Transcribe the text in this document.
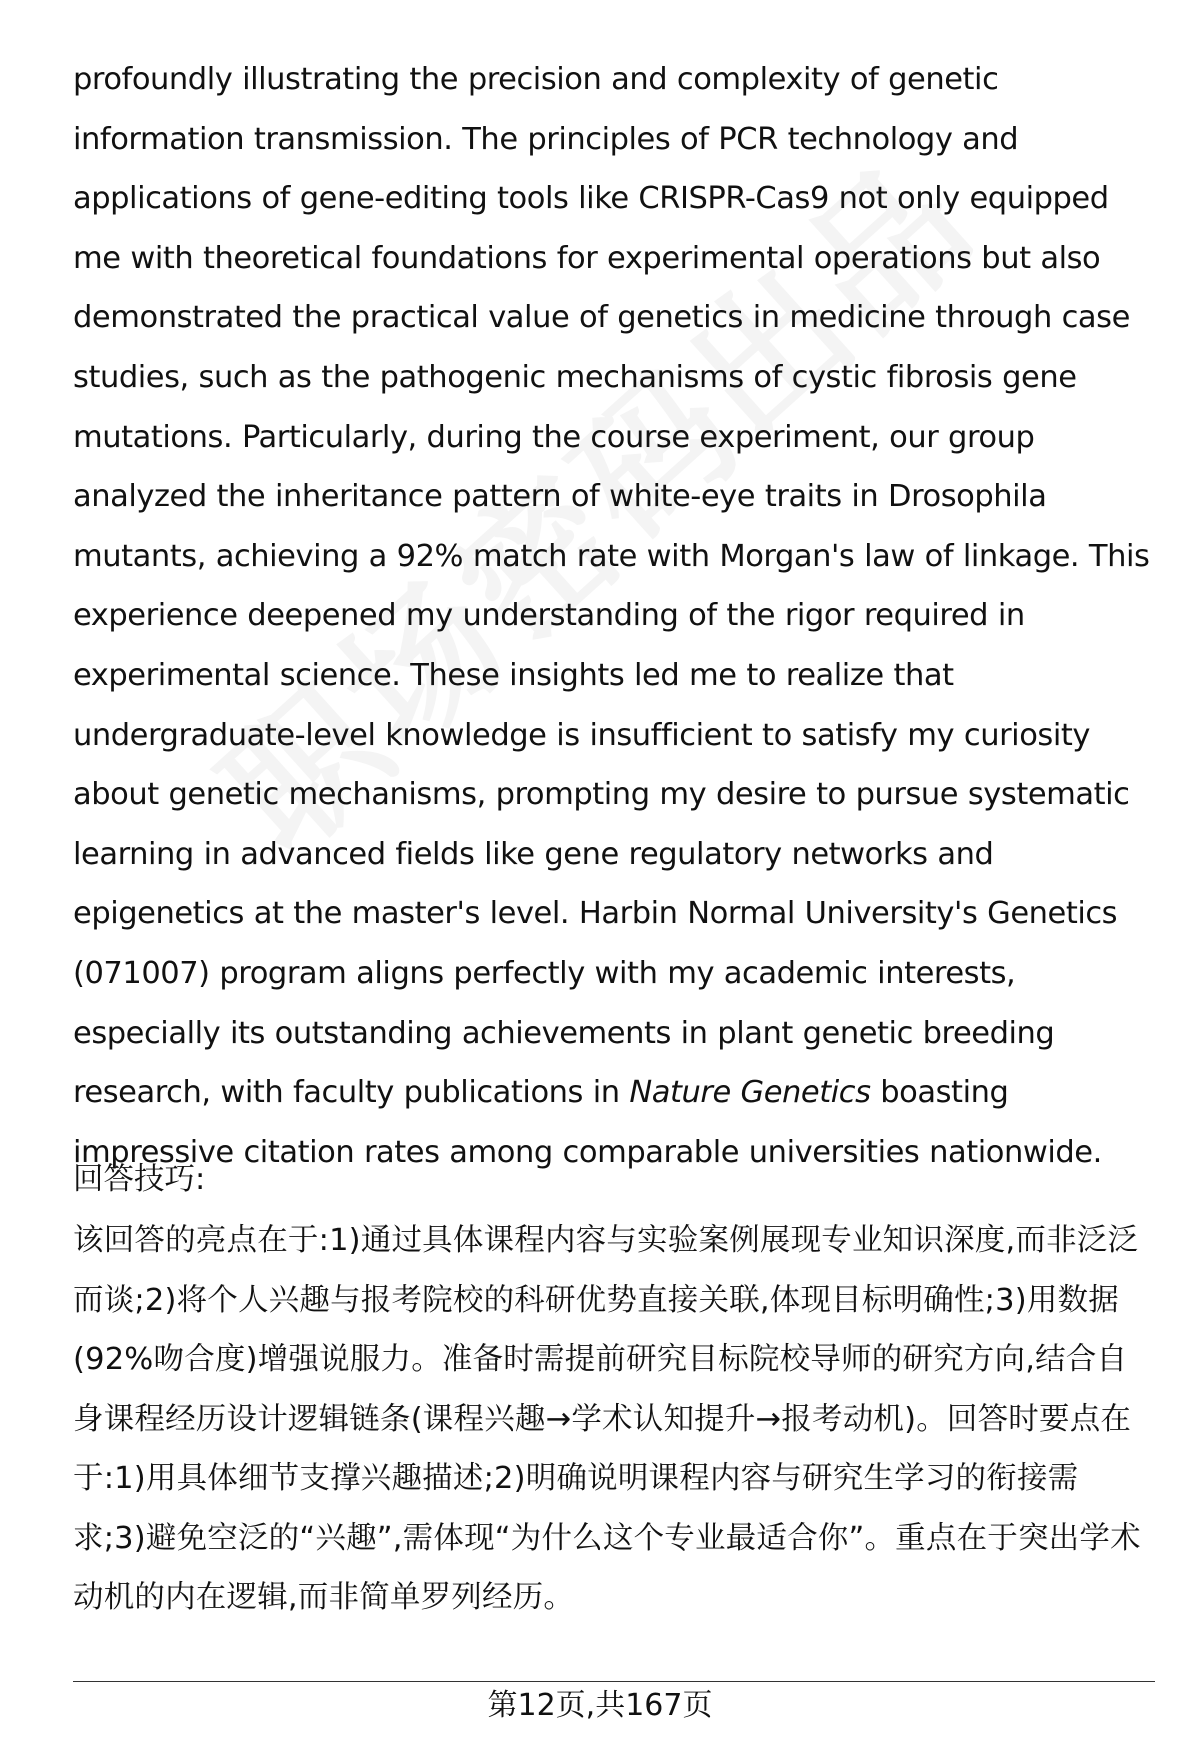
profoundly illustrating the precision and complexity of genetic information transmission. The principles of PCR technology and applications of gene-editing tools like CRISPR-Cas9 not only equipped me with theoretical foundations for experimental operations but also demonstrated the practical value of genetics in medicine through case studies, such as the pathogenic mechanisms of cystic fibrosis gene mutations. Particularly, during the course experiment, our group analyzed the inheritance pattern of white-eye traits in Drosophila mutants, achieving a 92% match rate with Morgan's law of linkage. This experience deepened my understanding of the rigor required in experimental science. These insights led me to realize that undergraduate-level knowledge is insufficient to satisfy my curiosity about genetic mechanisms, prompting my desire to pursue systematic learning in advanced fields like gene regulatory networks and epigenetics at the master's level. Harbin Normal University's Genetics (071007) program aligns perfectly with my academic interests, especially its outstanding achievements in plant genetic breeding research, with faculty publications in Nature Genetics boasting impressive citation rates among comparable universities nationwide.

回答技巧:

该回答的亮点在于:1)通过具体课程内容与实验案例展现专业知识深度,而非泛泛而谈;2)将个人兴趣与报考院校的科研优势直接关联,体现目标明确性;3)用数据(92%吻合度)增强说服力。准备时需提前研究目标院校导师的研究方向,结合自身课程经历设计逻辑链条(课程兴趣→学术认知提升→报考动机)。回答时要点在于:1)用具体细节支撑兴趣描述;2)明确说明课程内容与研究生学习的衔接需求;3)避免空泛的“兴趣”,需体现“为什么这个专业最适合你”。重点在于突出学术动机的内在逻辑,而非简单罗列经历。

第12页,共167页
